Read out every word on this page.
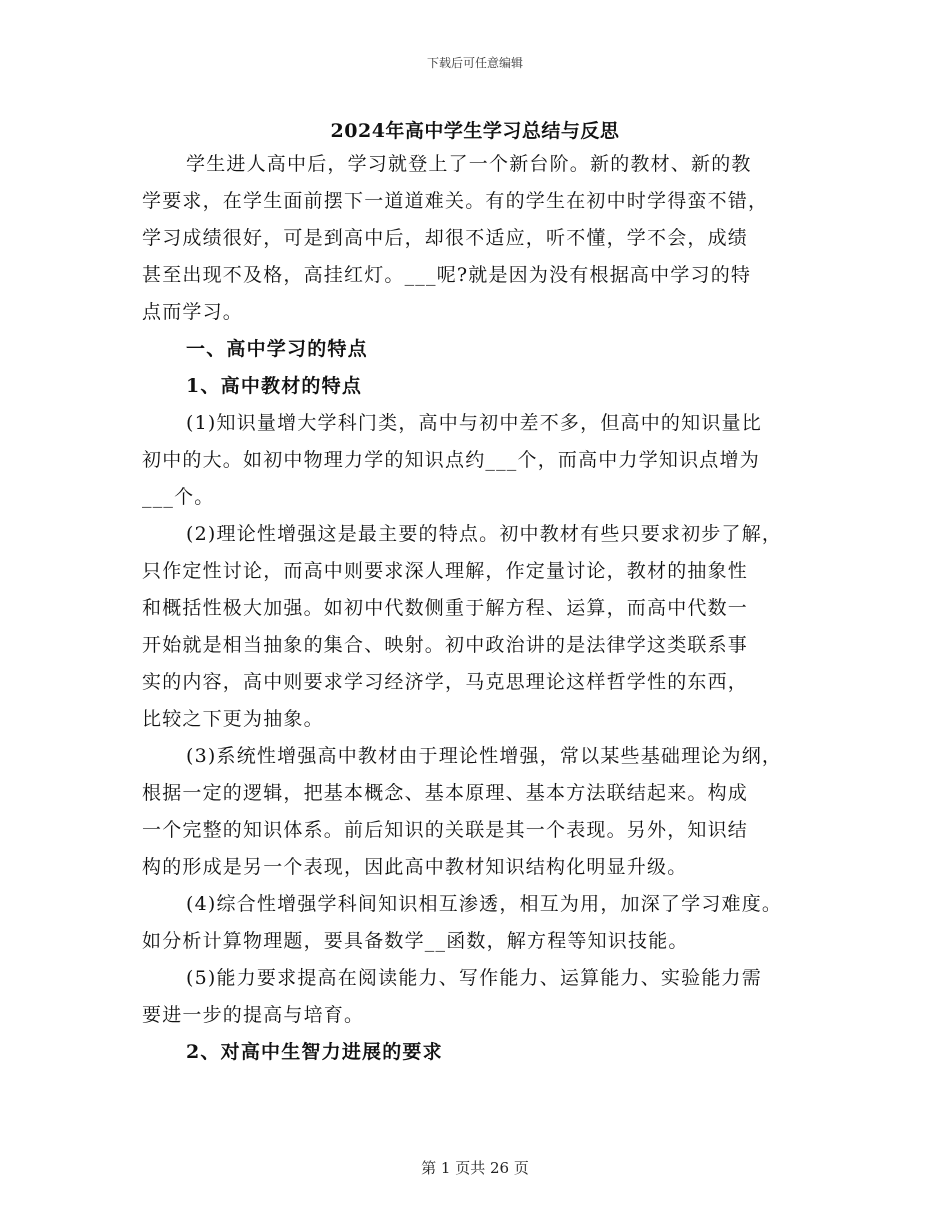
下载后可任意编辑
2024年高中学生学习总结与反思
学生进人高中后，学习就登上了一个新台阶。新的教材、新的教
学要求，在学生面前摆下一道道难关。有的学生在初中时学得蛮不错，
学习成绩很好，可是到高中后，却很不适应，听不懂，学不会，成绩
甚至出现不及格，高挂红灯。___呢?就是因为没有根据高中学习的特
点而学习。
一、高中学习的特点
1、高中教材的特点
(1)知识量增大学科门类，高中与初中差不多，但高中的知识量比
初中的大。如初中物理力学的知识点约___个，而高中力学知识点增为
___个。
(2)理论性增强这是最主要的特点。初中教材有些只要求初步了解，
只作定性讨论，而高中则要求深人理解，作定量讨论，教材的抽象性
和概括性极大加强。如初中代数侧重于解方程、运算，而高中代数一
开始就是相当抽象的集合、映射。初中政治讲的是法律学这类联系事
实的内容，高中则要求学习经济学，马克思理论这样哲学性的东西，
比较之下更为抽象。
(3)系统性增强高中教材由于理论性增强，常以某些基础理论为纲，
根据一定的逻辑，把基本概念、基本原理、基本方法联结起来。构成
一个完整的知识体系。前后知识的关联是其一个表现。另外，知识结
构的形成是另一个表现，因此高中教材知识结构化明显升级。
(4)综合性增强学科间知识相互渗透，相互为用，加深了学习难度。
如分析计算物理题，要具备数学__函数，解方程等知识技能。
(5)能力要求提高在阅读能力、写作能力、运算能力、实验能力需
要进一步的提高与培育。
2、对高中生智力进展的要求
第 1 页共 26 页
